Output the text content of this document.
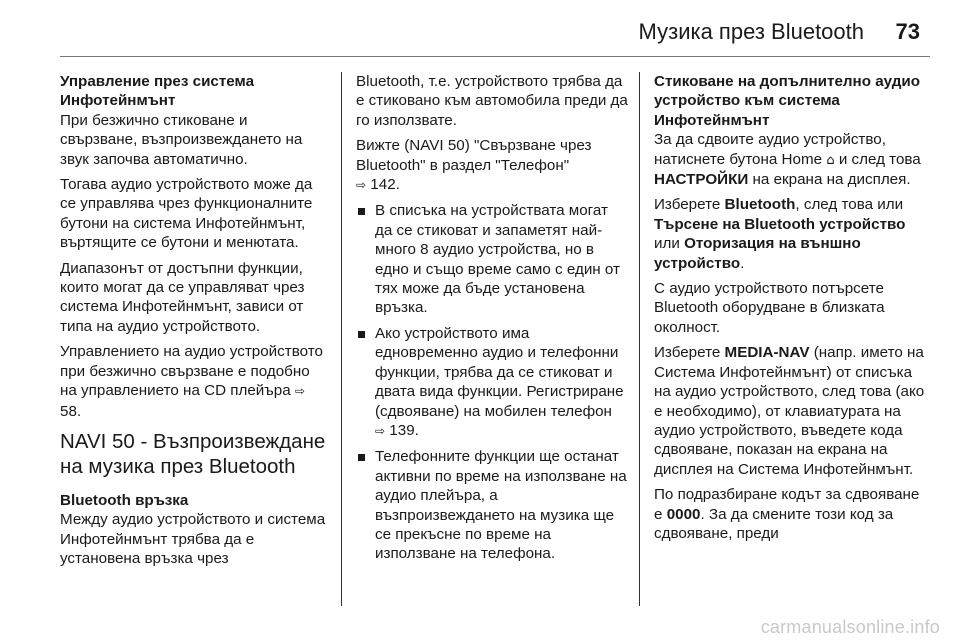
Музика през Bluetooth 73

Управление през система Инфотейнмънт

При безжично стиковане и свързване, възпроизвеждането на звук започва автоматично.

Тогава аудио устройството може да се управлява чрез функционалните бутони на система Инфотейнмънт, въртящите се бутони и менютата.

Диапазонът от достъпни функции, които могат да се управляват чрез система Инфотейнмънт, зависи от типа на аудио устройството.

Управлението на аудио устройството при безжично свързване е подобно на управлението на CD плейъра ⇨ 58.

NAVI 50 - Възпроизвеждане на музика през Bluetooth

Bluetooth връзка

Между аудио устройството и система Инфотейнмънт трябва да е установена връзка чрез

Bluetooth, т.е. устройството трябва да е стиковано към автомобила преди да го използвате.

Вижте (NAVI 50) "Свързване чрез Bluetooth" в раздел "Телефон"
⇨ 142.

В списъка на устройствата могат да се стиковат и запаметят най-много 8 аудио устройства, но в едно и също време само с един от тях може да бъде установена връзка.
Ако устройството има едновременно аудио и телефонни функции, трябва да се стиковат и двата вида функции. Регистриране (сдвояване) на мобилен телефон
⇨ 139.
Телефонните функции ще останат активни по време на използване на аудио плейъра, а възпроизвеждането на музика ще се прекъсне по време на използване на телефона.

Стиковане на допълнително аудио устройство към система Инфотейнмънт

За да сдвоите аудио устройство, натиснете бутона Home ⌂ и след това НАСТРОЙКИ на екрана на дисплея.

Изберете Bluetooth, след това или Търсене на Bluetooth устройство или Оторизация на външно устройство.

С аудио устройството потърсете Bluetooth оборудване в близката околност.

Изберете MEDIA-NAV (напр. името на Система Инфотейнмънт) от списъка на аудио устройството, след това (ако е необходимо), от клавиатурата на аудио устройството, въведете кода сдвояване, показан на екрана на дисплея на Система Инфотейнмънт.

По подразбиране кодът за сдвояване е 0000. За да смените този код за сдвояване, преди

carmanualsonline.info
